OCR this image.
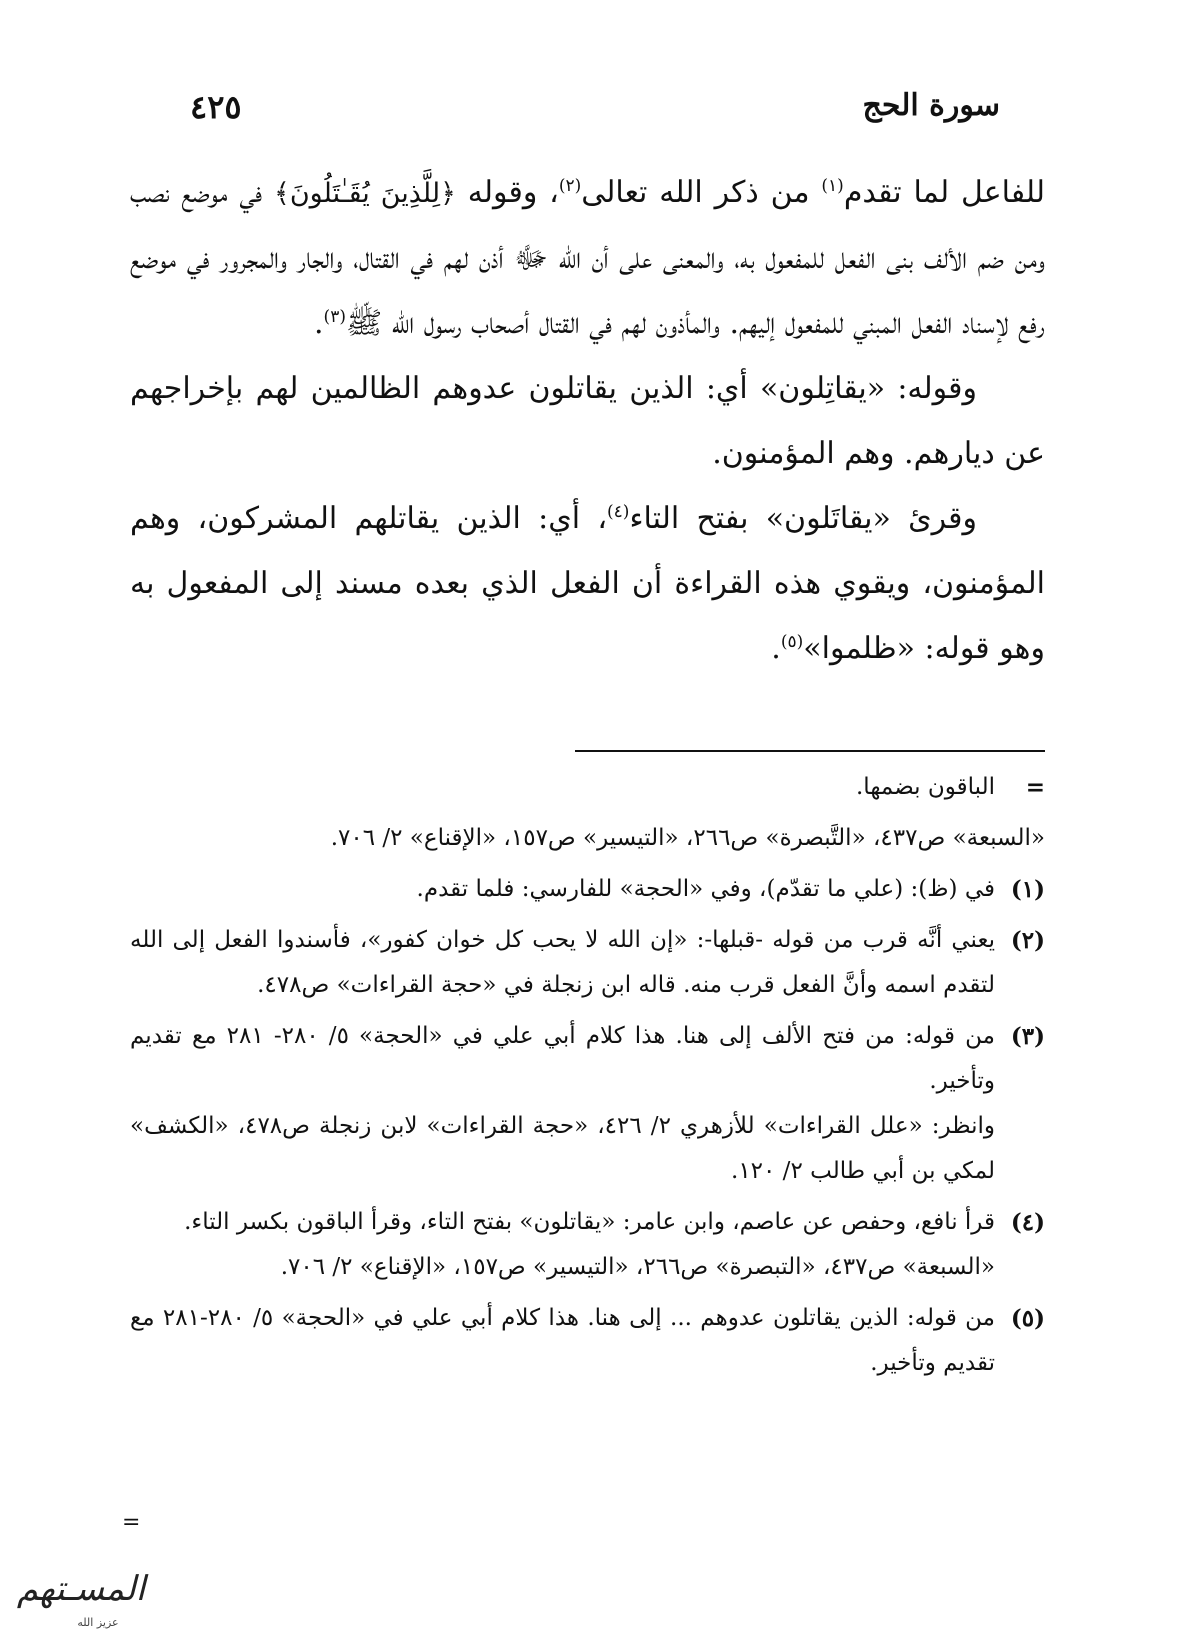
سورة الحج
٤٢٥

للفاعل لما تقدم$^{(١)}$ من ذكر الله تعالى$^{(٢)}$، وقوله ﴿لِلَّذِينَ يُقَـٰتَلُونَ﴾ في موضع نصب ومن ضم الألف بنى الفعل للمفعول به، والمعنى على أن الله ﷻ أذن لهم في القتال، والجار والمجرور في موضع رفع لإسناد الفعل المبني للمفعول إليهم. والمأذون لهم في القتال أصحاب رسول الله ﷺ$^{(٣)}$.

وقوله: «يقاتِلون» أي: الذين يقاتلون عدوهم الظالمين لهم بإخراجهم عن ديارهم. وهم المؤمنون.

وقرئ «يقاتَلون» بفتح التاء$^{(٤)}$، أي: الذين يقاتلهم المشركون، وهم المؤمنون، ويقوي هذه القراءة أن الفعل الذي بعده مسند إلى المفعول به وهو قوله: «ظلموا»$^{(٥)}$.

=
الباقون بضمها.
«السبعة» ص٤٣٧، «التَّبصرة» ص٢٦٦، «التيسير» ص١٥٧، «الإقناع» ٢/ ٧٠٦.
(١)
في (ظ): (علي ما تقدّم)، وفي «الحجة» للفارسي: فلما تقدم.
(٢)
يعني أنَّه قرب من قوله -قبلها-: «إن الله لا يحب كل خوان كفور»، فأسندوا الفعل إلى الله لتقدم اسمه وأنَّ الفعل قرب منه. قاله ابن زنجلة في «حجة القراءات» ص٤٧٨.
(٣)
من قوله: من فتح الألف إلى هنا. هذا كلام أبي علي في «الحجة» ٥/ ٢٨٠- ٢٨١ مع تقديم وتأخير.
وانظر: «علل القراءات» للأزهري ٢/ ٤٢٦، «حجة القراءات» لابن زنجلة ص٤٧٨، «الكشف» لمكي بن أبي طالب ٢/ ١٢٠.
(٤)
قرأ نافع، وحفص عن عاصم، وابن عامر: «يقاتلون» بفتح التاء، وقرأ الباقون بكسر التاء.
«السبعة» ص٤٣٧، «التبصرة» ص٢٦٦، «التيسير» ص١٥٧، «الإقناع» ٢/ ٧٠٦.
(٥)
من قوله: الذين يقاتلون عدوهم ... إلى هنا. هذا كلام أبي علي في «الحجة» ٥/ ٢٨٠-٢٨١ مع تقديم وتأخير.
=
المسـتهم
عزيز الله
